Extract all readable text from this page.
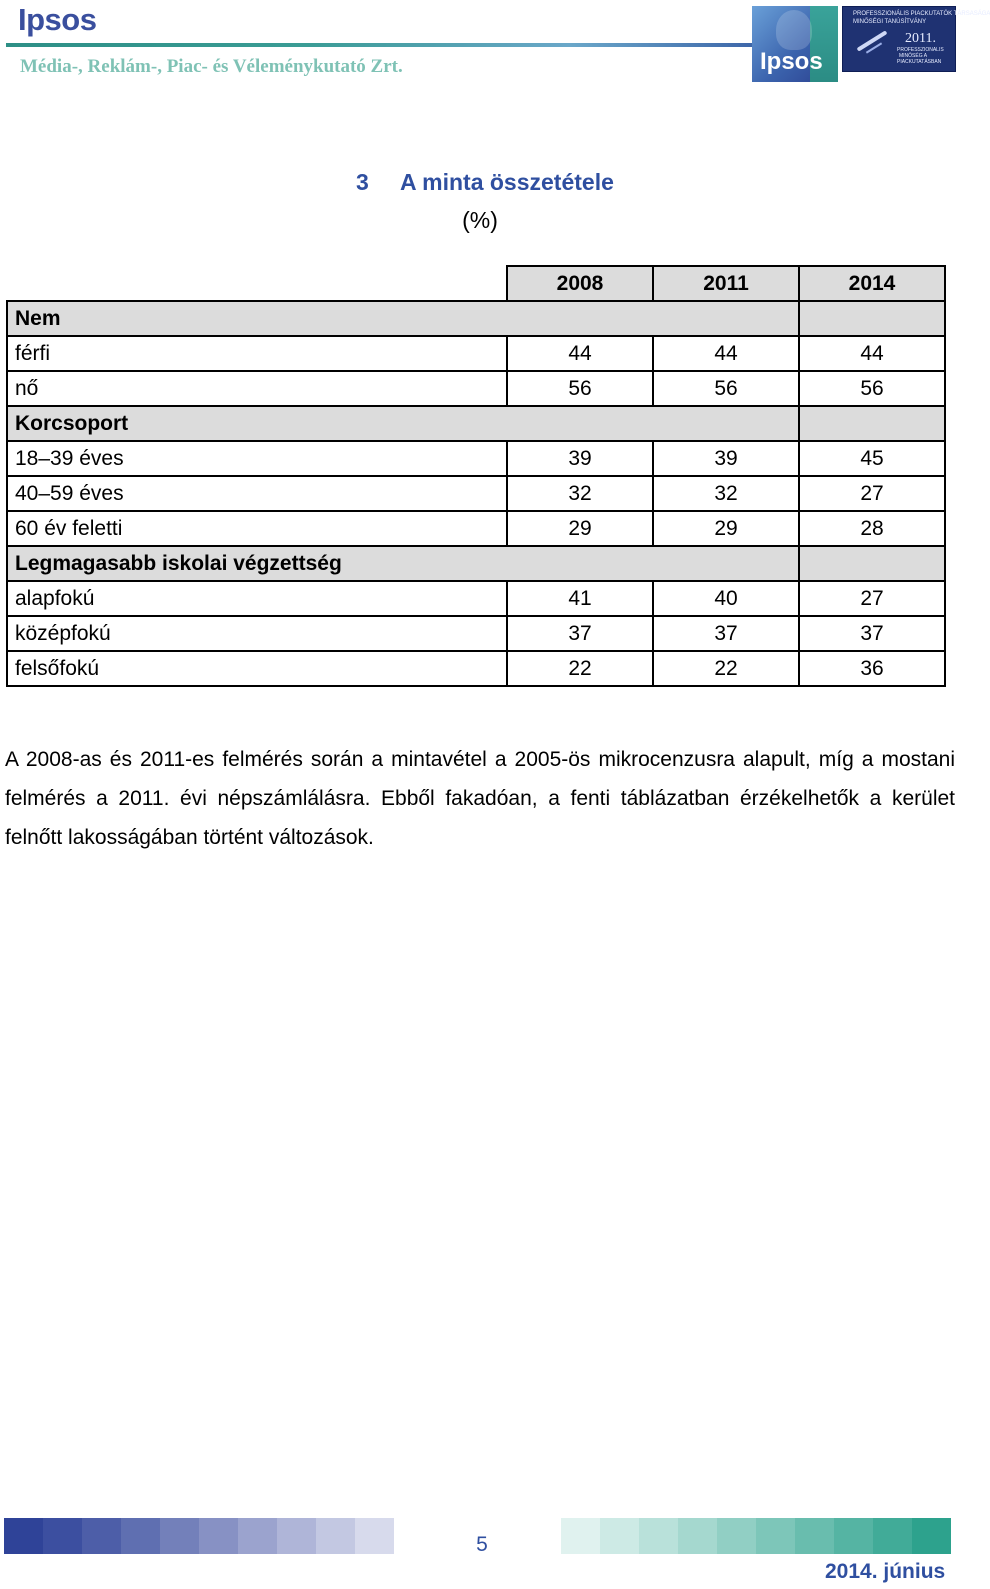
Ipsos
Média-, Reklám-, Piac- és Véleménykutató Zrt.	Ipsos
PROFESSZIONÁLIS PIACKUTATÓK TÁRSASÁGA
MINŐSÉGI TANÚSÍTVÁNY
2011.
PROFESSZIONALIS
MINŐSÉG A
PIACKUTATÁSBAN
3 A minta összetétele
(%)
	2008	2011	2014
Nem			
férfi	44	44	44
nő	56	56	56
Korcsoport			
18–39 éves	39	39	45
40–59 éves	32	32	27
60 év feletti	29	29	28
Legmagasabb iskolai végzettség			
alapfokú	41	40	27
középfokú	37	37	37
felsőfokú	22	22	36
A 2008-as és 2011-es felmérés során a mintavétel a 2005-ös mikrocenzusra alapult, míg a mostani felmérés a 2011. évi népszámlálásra. Ebből fakadóan, a fenti táblázatban érzékelhetők a kerület felnőtt lakosságában történt változások.
5
2014. június
